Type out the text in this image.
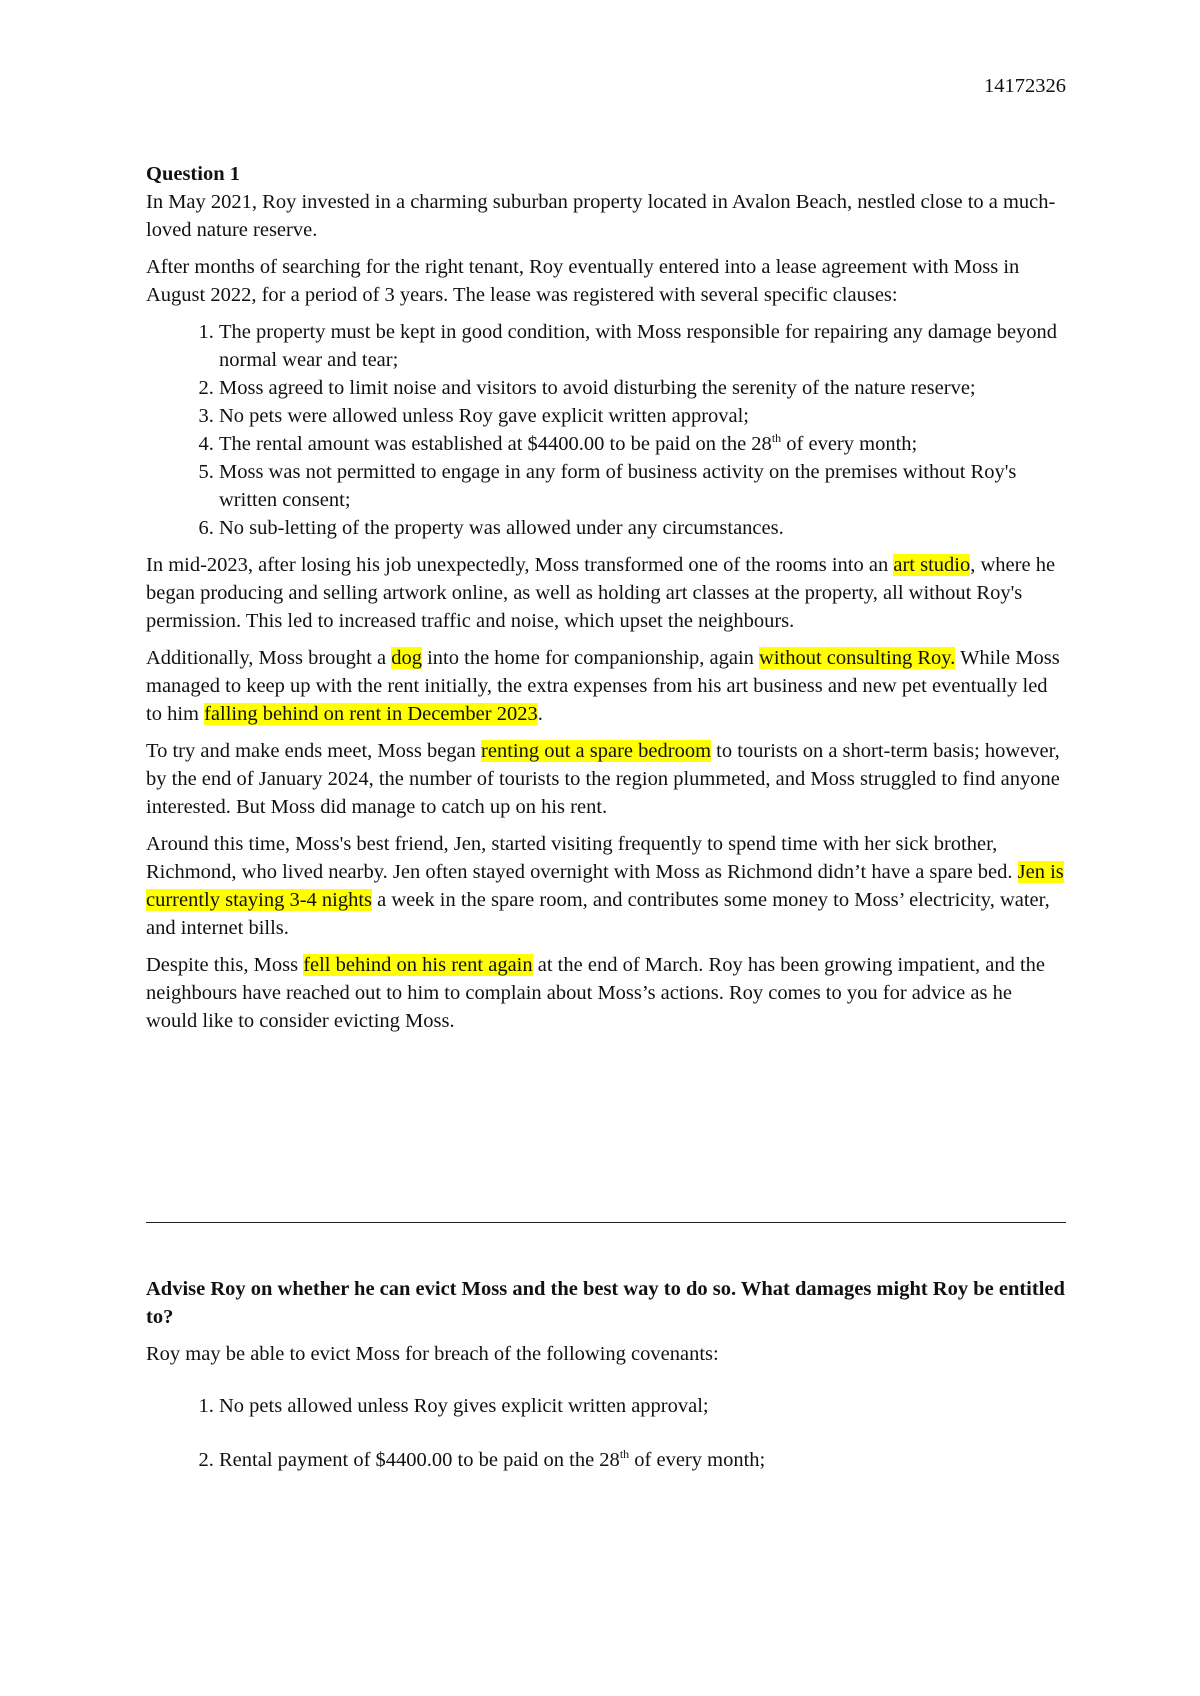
14172326

Question 1

In May 2021, Roy invested in a charming suburban property located in Avalon Beach, nestled close to a much-loved nature reserve.

After months of searching for the right tenant, Roy eventually entered into a lease agreement with Moss in August 2022, for a period of 3 years. The lease was registered with several specific clauses:

1. The property must be kept in good condition, with Moss responsible for repairing any damage beyond normal wear and tear;
2. Moss agreed to limit noise and visitors to avoid disturbing the serenity of the nature reserve;
3. No pets were allowed unless Roy gave explicit written approval;
4. The rental amount was established at $4400.00 to be paid on the 28th of every month;
5. Moss was not permitted to engage in any form of business activity on the premises without Roy's written consent;
6. No sub-letting of the property was allowed under any circumstances.

In mid-2023, after losing his job unexpectedly, Moss transformed one of the rooms into an art studio, where he began producing and selling artwork online, as well as holding art classes at the property, all without Roy's permission. This led to increased traffic and noise, which upset the neighbours.

Additionally, Moss brought a dog into the home for companionship, again without consulting Roy. While Moss managed to keep up with the rent initially, the extra expenses from his art business and new pet eventually led to him falling behind on rent in December 2023.

To try and make ends meet, Moss began renting out a spare bedroom to tourists on a short-term basis; however, by the end of January 2024, the number of tourists to the region plummeted, and Moss struggled to find anyone interested. But Moss did manage to catch up on his rent.

Around this time, Moss's best friend, Jen, started visiting frequently to spend time with her sick brother, Richmond, who lived nearby. Jen often stayed overnight with Moss as Richmond didn’t have a spare bed. Jen is currently staying 3-4 nights a week in the spare room, and contributes some money to Moss’ electricity, water, and internet bills.

Despite this, Moss fell behind on his rent again at the end of March. Roy has been growing impatient, and the neighbours have reached out to him to complain about Moss’s actions. Roy comes to you for advice as he would like to consider evicting Moss.

Advise Roy on whether he can evict Moss and the best way to do so. What damages might Roy be entitled to?

Roy may be able to evict Moss for breach of the following covenants:

1. No pets allowed unless Roy gives explicit written approval;
2. Rental payment of $4400.00 to be paid on the 28th of every month;
